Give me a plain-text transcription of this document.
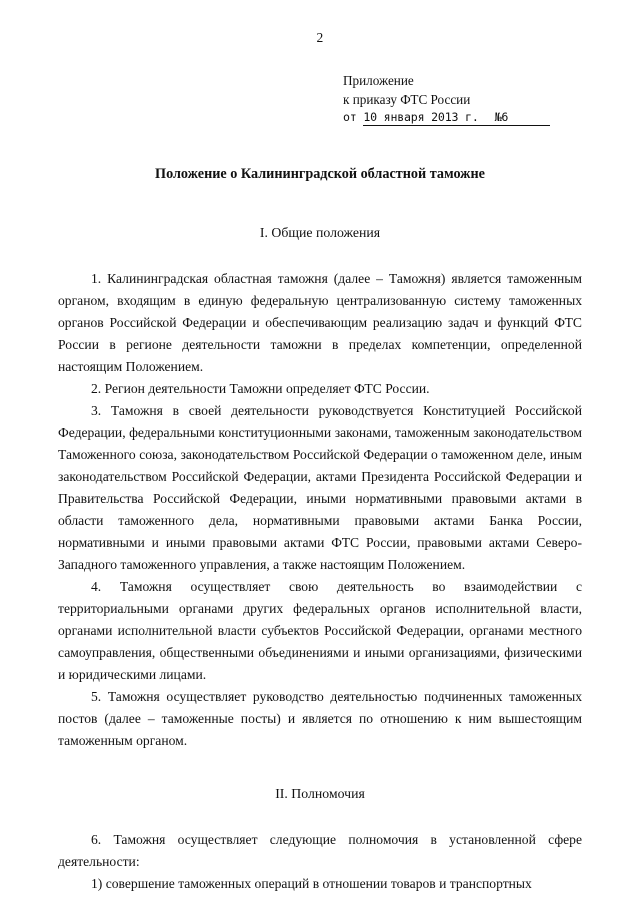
2
Приложение
к приказу ФТС России
от 10 января 2013 г. №6
Положение о Калининградской областной таможне
I. Общие положения

1. Калининградская областная таможня (далее – Таможня) является таможенным органом, входящим в единую федеральную централизованную систему таможенных органов Российской Федерации и обеспечивающим реализацию задач и функций ФТС России в регионе деятельности таможни в пределах компетенции, определенной настоящим Положением.

2. Регион деятельности Таможни определяет ФТС России.

3. Таможня в своей деятельности руководствуется Конституцией Российской Федерации, федеральными конституционными законами, таможенным законодательством Таможенного союза, законодательством Российской Федерации о таможенном деле, иным законодательством Российской Федерации, актами Президента Российской Федерации и Правительства Российской Федерации, иными нормативными правовыми актами в области таможенного дела, нормативными правовыми актами Банка России, нормативными и иными правовыми актами ФТС России, правовыми актами Северо-Западного таможенного управления, а также настоящим Положением.

4. Таможня осуществляет свою деятельность во взаимодействии с территориальными органами других федеральных органов исполнительной власти, органами исполнительной власти субъектов Российской Федерации, органами местного самоуправления, общественными объединениями и иными организациями, физическими и юридическими лицами.

5. Таможня осуществляет руководство деятельностью подчиненных таможенных постов (далее – таможенные посты) и является по отношению к ним вышестоящим таможенным органом.

II. Полномочия

6. Таможня осуществляет следующие полномочия в установленной сфере деятельности:

1) совершение таможенных операций в отношении товаров и транспортных
